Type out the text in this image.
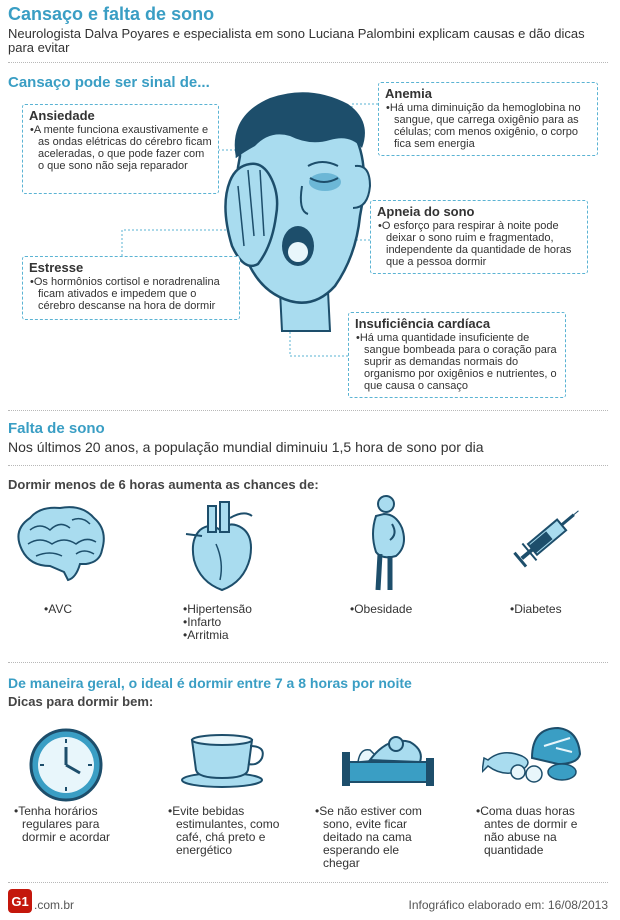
Cansaço e falta de sono
Neurologista Dalva Poyares e especialista em sono Luciana Palombini explicam causas e dão dicas para evitar
Cansaço pode ser sinal de...
Ansiedade
• A mente funciona exaustivamente e as ondas elétricas do cérebro ficam aceleradas, o que pode fazer com o que sono não seja reparador
Anemia
• Há uma diminuição da hemoglobina no sangue, que carrega oxigênio para as células; com menos oxigênio, o corpo fica sem energia
Apneia do sono
• O esforço para respirar à noite pode deixar o sono ruim e fragmentado, independente da quantidade de horas que a pessoa dormir
Estresse
• Os hormônios cortisol e noradrenalina ficam ativados e impedem que o cérebro descanse na hora de dormir
Insuficiência cardíaca
• Há uma quantidade insuficiente de sangue bombeada para o coração para suprir as demandas normais do organismo por oxigênios e nutrientes, o que causa o cansaço
Falta de sono
Nos últimos 20 anos, a população mundial diminuiu 1,5 hora de sono por dia
Dormir menos de 6 horas aumenta as chances de:
• AVC	• Hipertensão
• Infarto
• Arritmia
• Obesidade	• Diabetes
De maneira geral, o ideal é dormir entre 7 a 8 horas por noite
Dicas para dormir bem:
• Tenha horários regulares para dormir e acordar
• Evite bebidas estimulantes, como café, chá preto e energético
• Se não estiver com sono, evite ficar deitado na cama esperando ele chegar
• Coma duas horas antes de dormir e não abuse na quantidade
G1 .com.br	Infográfico elaborado em: 16/08/2013
